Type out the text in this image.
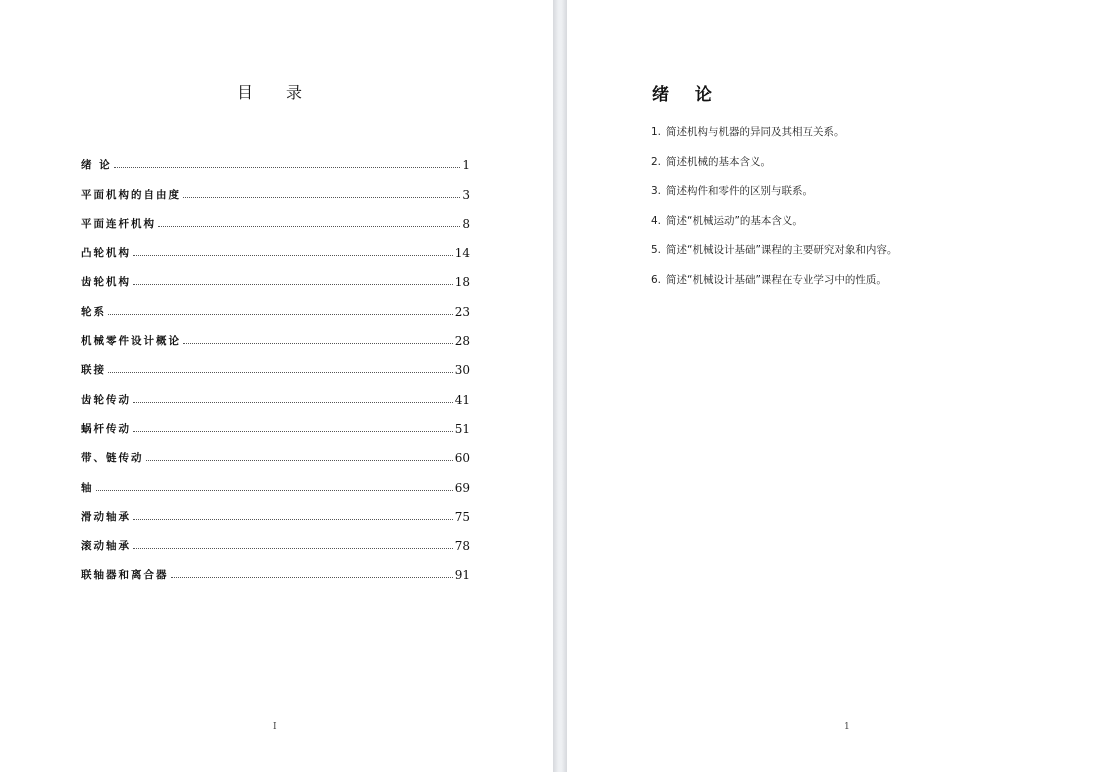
目 录
绪 论	1
平面机构的自由度	3
平面连杆机构	8
凸轮机构	14
齿轮机构	18
轮系	23
机械零件设计概论	28
联接	30
齿轮传动	41
蜗杆传动	51
带、链传动	60
轴	69
滑动轴承	75
滚动轴承	78
联轴器和离合器	91
I
绪 论
1. 简述机构与机器的异同及其相互关系。
2. 简述机械的基本含义。
3. 简述构件和零件的区别与联系。
4. 简述“机械运动”的基本含义。
5. 简述“机械设计基础”课程的主要研究对象和内容。
6. 简述“机械设计基础”课程在专业学习中的性质。
1
